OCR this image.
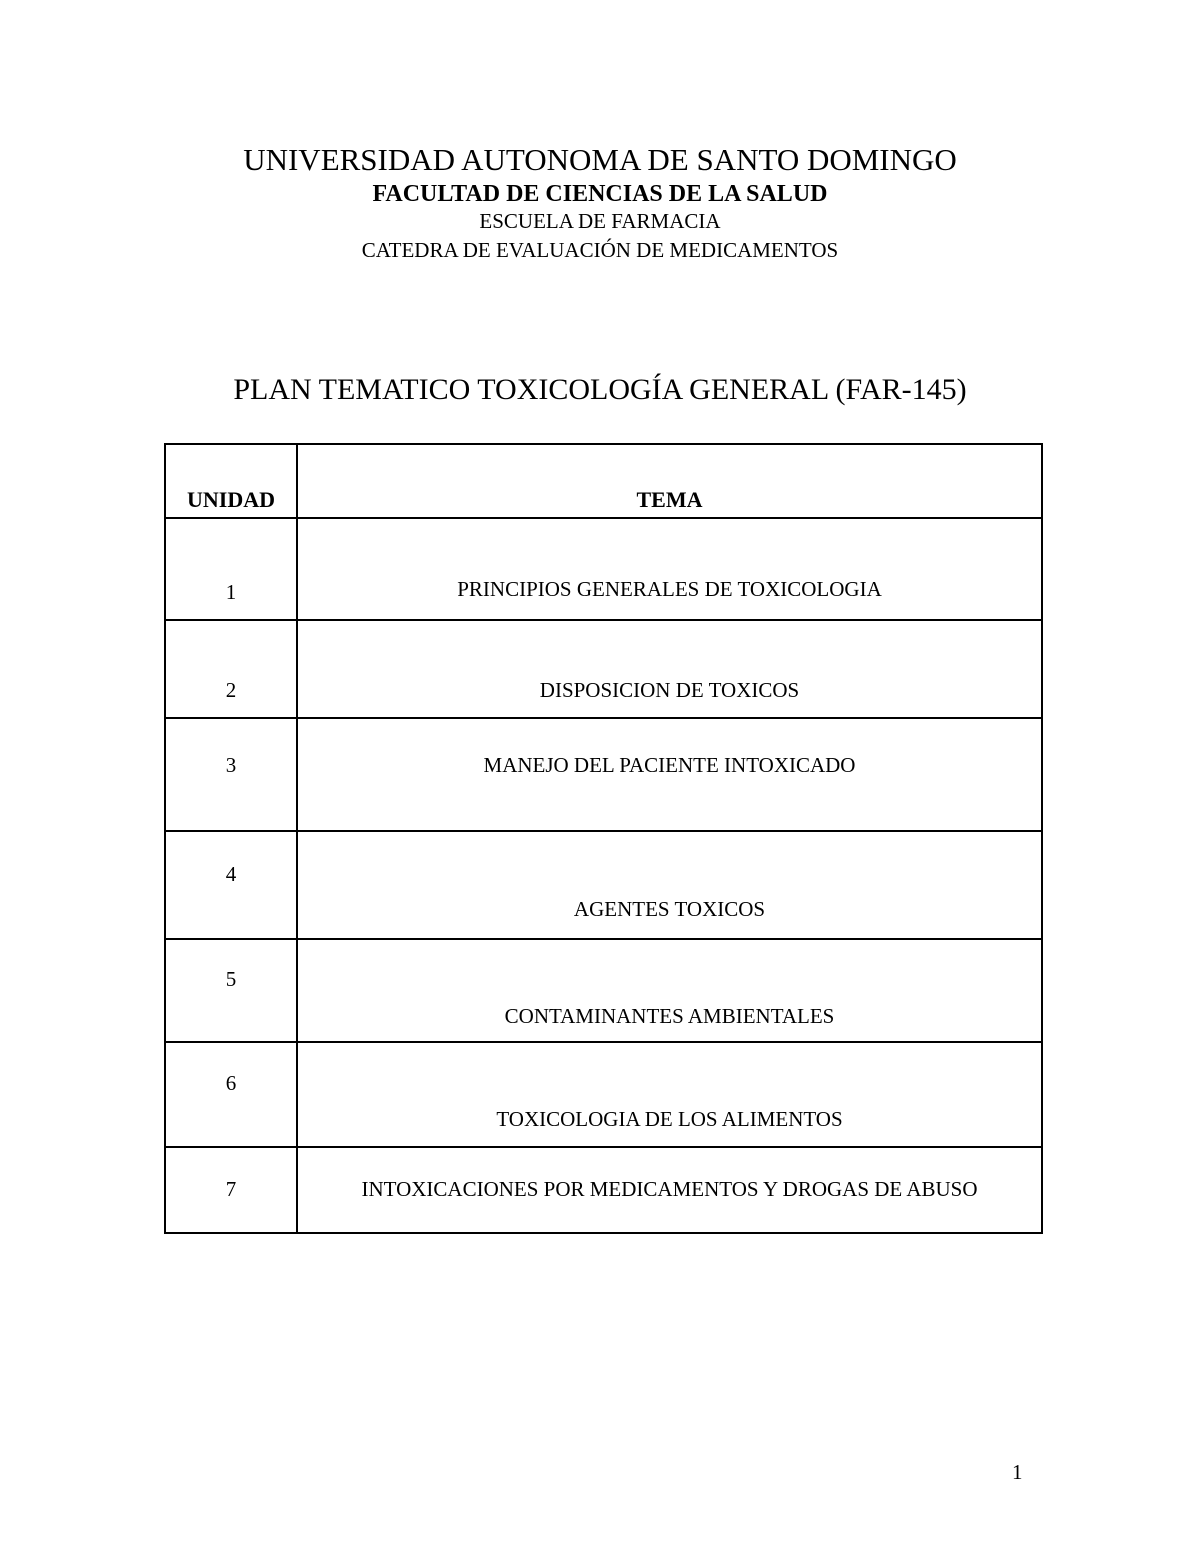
UNIVERSIDAD AUTONOMA DE SANTO DOMINGO
FACULTAD DE CIENCIAS DE LA SALUD
ESCUELA DE FARMACIA
CATEDRA DE EVALUACIÓN DE MEDICAMENTOS
PLAN TEMATICO TOXICOLOGÍA GENERAL (FAR-145)
UNIDAD	TEMA
1	PRINCIPIOS GENERALES DE TOXICOLOGIA
2	DISPOSICION DE TOXICOS
3	MANEJO DEL PACIENTE INTOXICADO
4	AGENTES TOXICOS
5	CONTAMINANTES AMBIENTALES
6	TOXICOLOGIA DE LOS ALIMENTOS
7	INTOXICACIONES POR MEDICAMENTOS Y DROGAS DE ABUSO
1
